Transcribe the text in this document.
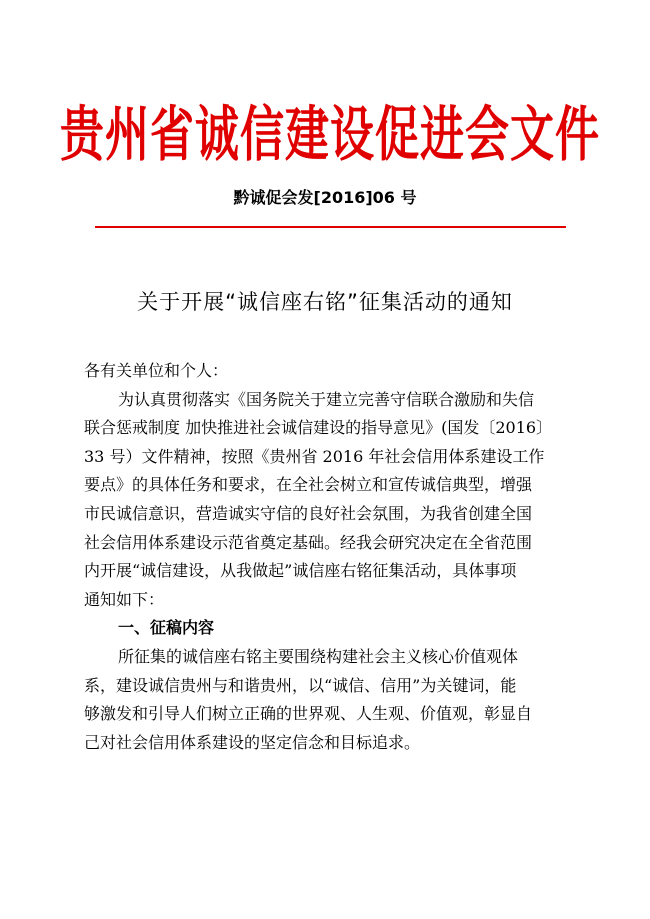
贵州省诚信建设促进会文件
黔诚促会发[2016]06 号
关于开展“诚信座右铭”征集活动的通知
各有关单位和个人：
为认真贯彻落实《国务院关于建立完善守信联合激励和失信
联合惩戒制度 加快推进社会诚信建设的指导意见》(国发〔2016〕
33 号）文件精神，按照《贵州省 2016 年社会信用体系建设工作
要点》的具体任务和要求，在全社会树立和宣传诚信典型，增强
市民诚信意识，营造诚实守信的良好社会氛围，为我省创建全国
社会信用体系建设示范省奠定基础。经我会研究决定在全省范围
内开展“诚信建设，从我做起”诚信座右铭征集活动，具体事项
通知如下：
一、征稿内容
所征集的诚信座右铭主要围绕构建社会主义核心价值观体
系，建设诚信贵州与和谐贵州，以“诚信、信用”为关键词，能
够激发和引导人们树立正确的世界观、人生观、价值观，彰显自
己对社会信用体系建设的坚定信念和目标追求。
